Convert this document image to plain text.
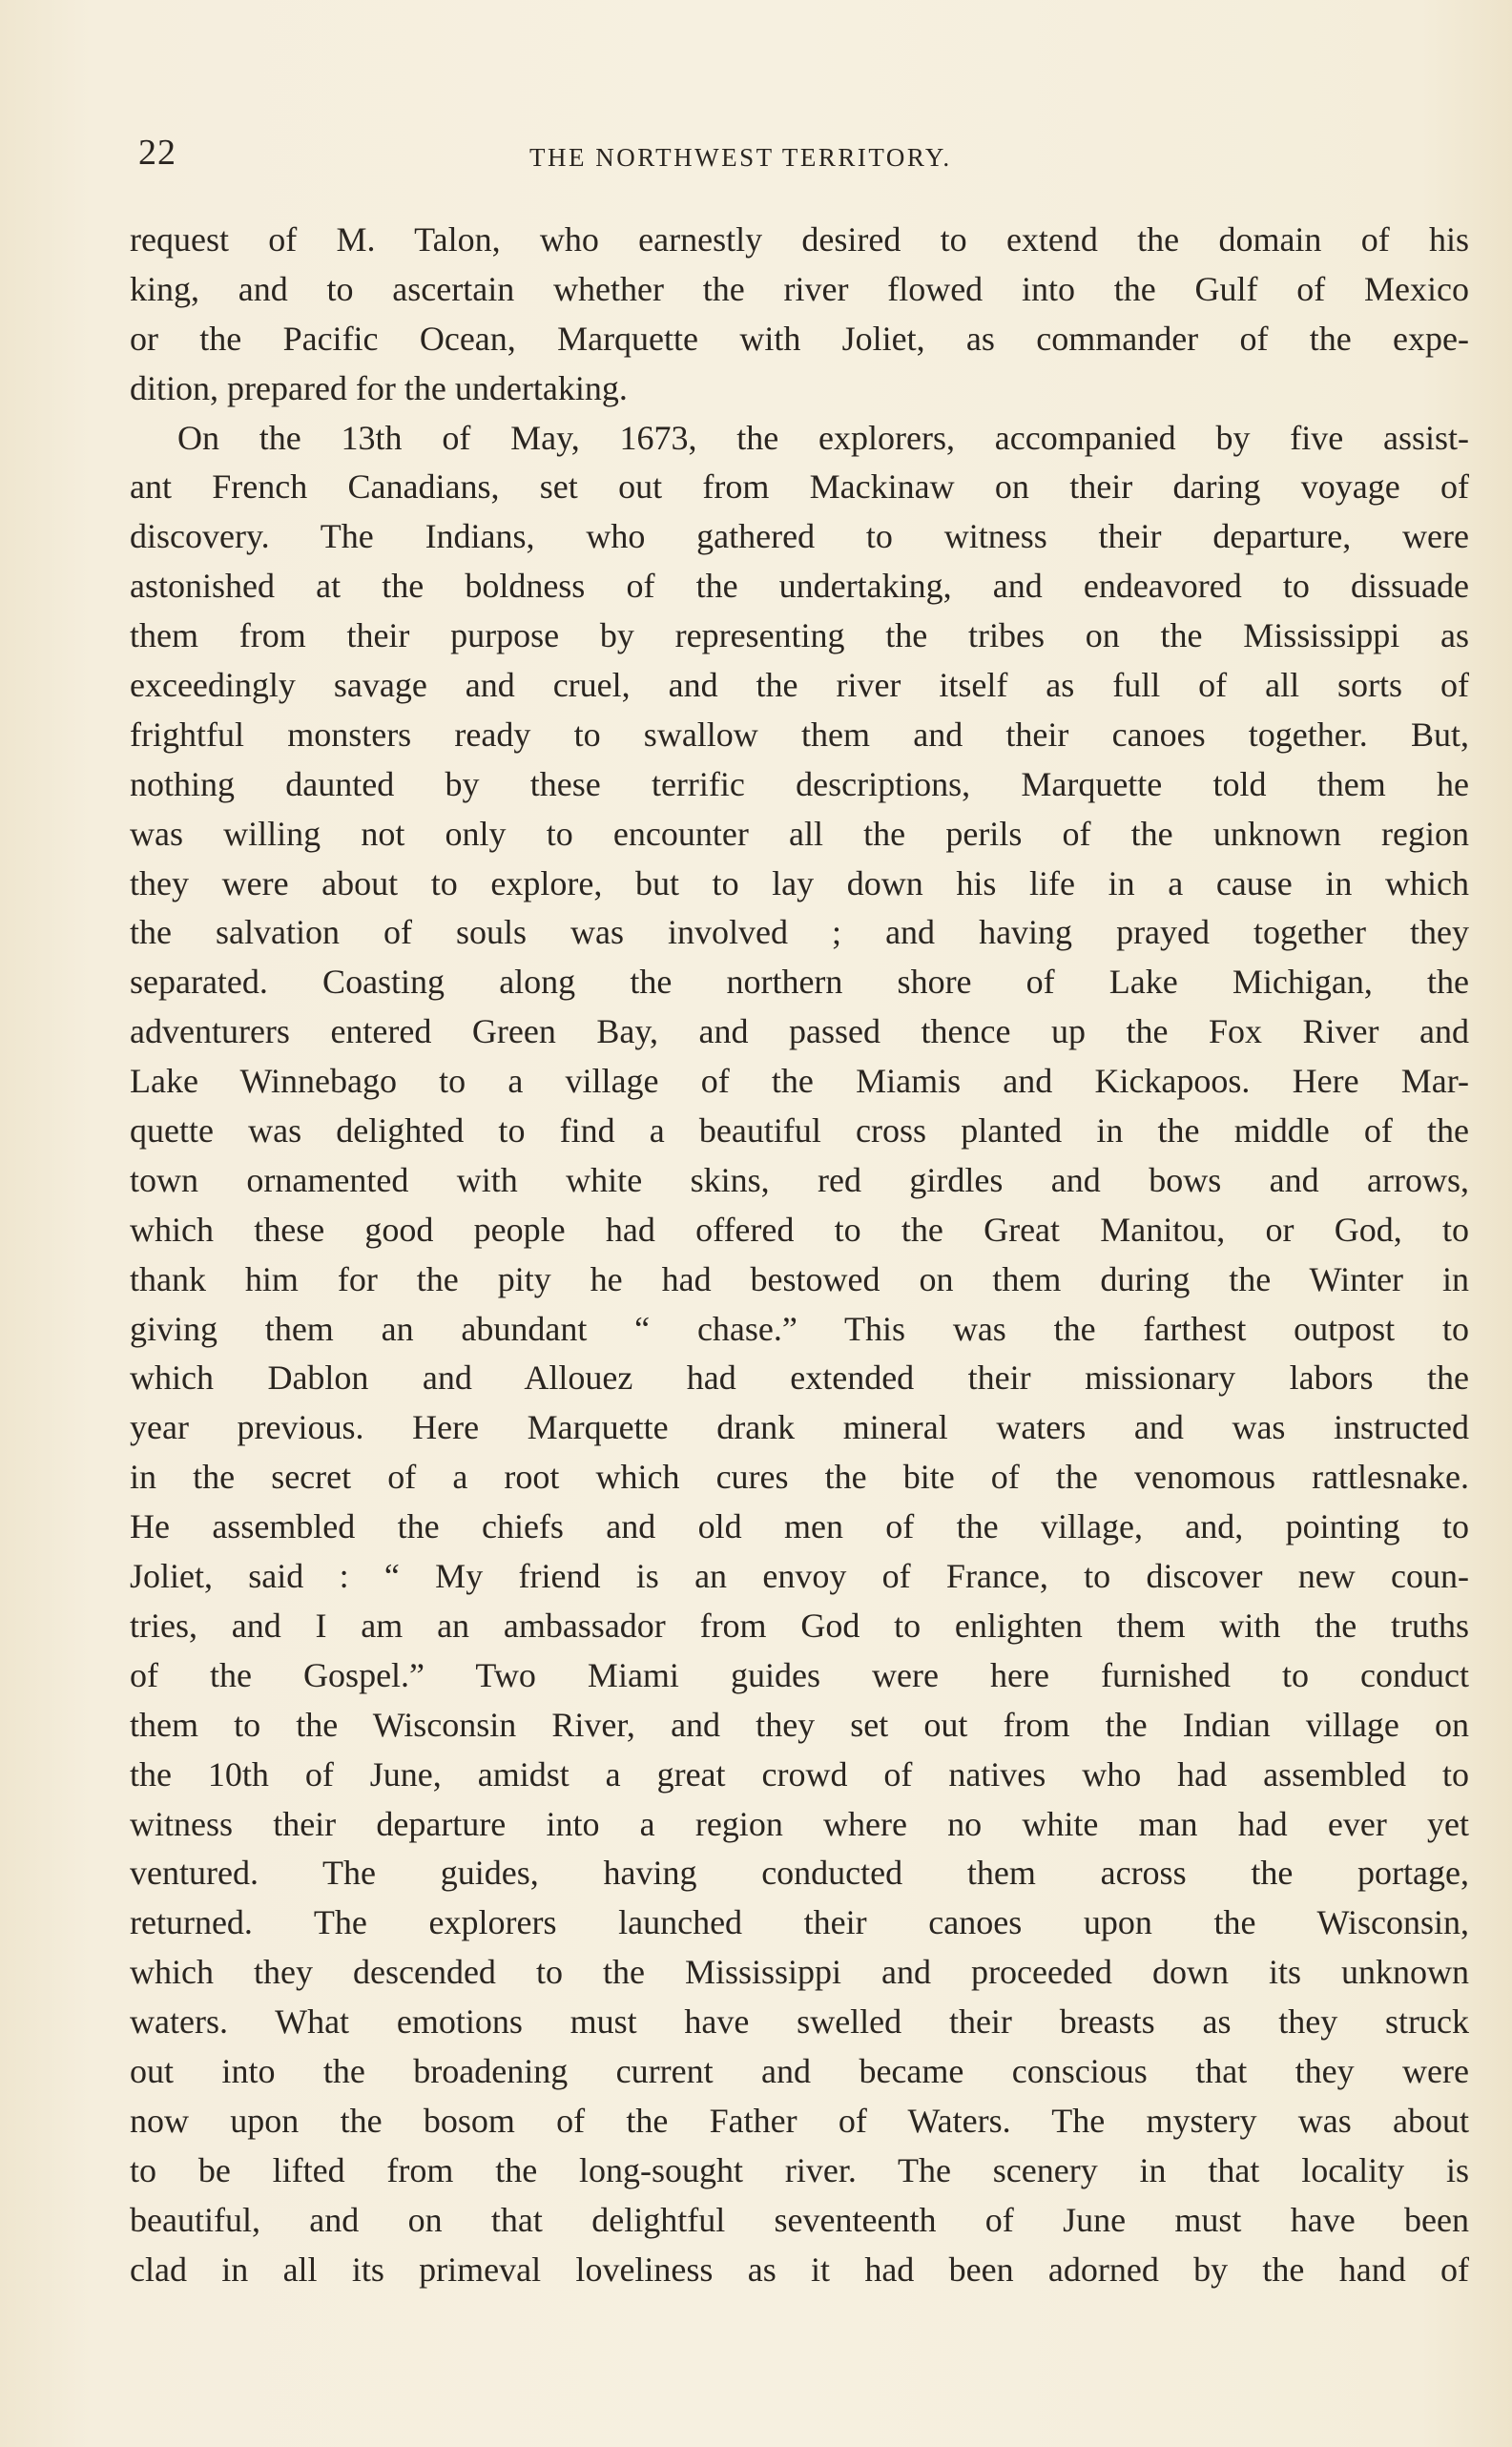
22	THE NORTHWEST TERRITORY.
request of M. Talon, who earnestly desired to extend the domain of his
king, and to ascertain whether the river flowed into the Gulf of Mexico
or the Pacific Ocean, Marquette with Joliet, as commander of the expe-
dition, prepared for the undertaking.
On the 13th of May, 1673, the explorers, accompanied by five assist-
ant French Canadians, set out from Mackinaw on their daring voyage of
discovery. The Indians, who gathered to witness their departure, were
astonished at the boldness of the undertaking, and endeavored to dissuade
them from their purpose by representing the tribes on the Mississippi as
exceedingly savage and cruel, and the river itself as full of all sorts of
frightful monsters ready to swallow them and their canoes together. But,
nothing daunted by these terrific descriptions, Marquette told them he
was willing not only to encounter all the perils of the unknown region
they were about to explore, but to lay down his life in a cause in which
the salvation of souls was involved ; and having prayed together they
separated. Coasting along the northern shore of Lake Michigan, the
adventurers entered Green Bay, and passed thence up the Fox River and
Lake Winnebago to a village of the Miamis and Kickapoos. Here Mar-
quette was delighted to find a beautiful cross planted in the middle of the
town ornamented with white skins, red girdles and bows and arrows,
which these good people had offered to the Great Manitou, or God, to
thank him for the pity he had bestowed on them during the Winter in
giving them an abundant “ chase.” This was the farthest outpost to
which Dablon and Allouez had extended their missionary labors the
year previous. Here Marquette drank mineral waters and was instructed
in the secret of a root which cures the bite of the venomous rattlesnake.
He assembled the chiefs and old men of the village, and, pointing to
Joliet, said : “ My friend is an envoy of France, to discover new coun-
tries, and I am an ambassador from God to enlighten them with the truths
of the Gospel.” Two Miami guides were here furnished to conduct
them to the Wisconsin River, and they set out from the Indian village on
the 10th of June, amidst a great crowd of natives who had assembled to
witness their departure into a region where no white man had ever yet
ventured. The guides, having conducted them across the portage,
returned. The explorers launched their canoes upon the Wisconsin,
which they descended to the Mississippi and proceeded down its unknown
waters. What emotions must have swelled their breasts as they struck
out into the broadening current and became conscious that they were
now upon the bosom of the Father of Waters. The mystery was about
to be lifted from the long-sought river. The scenery in that locality is
beautiful, and on that delightful seventeenth of June must have been
clad in all its primeval loveliness as it had been adorned by the hand of
